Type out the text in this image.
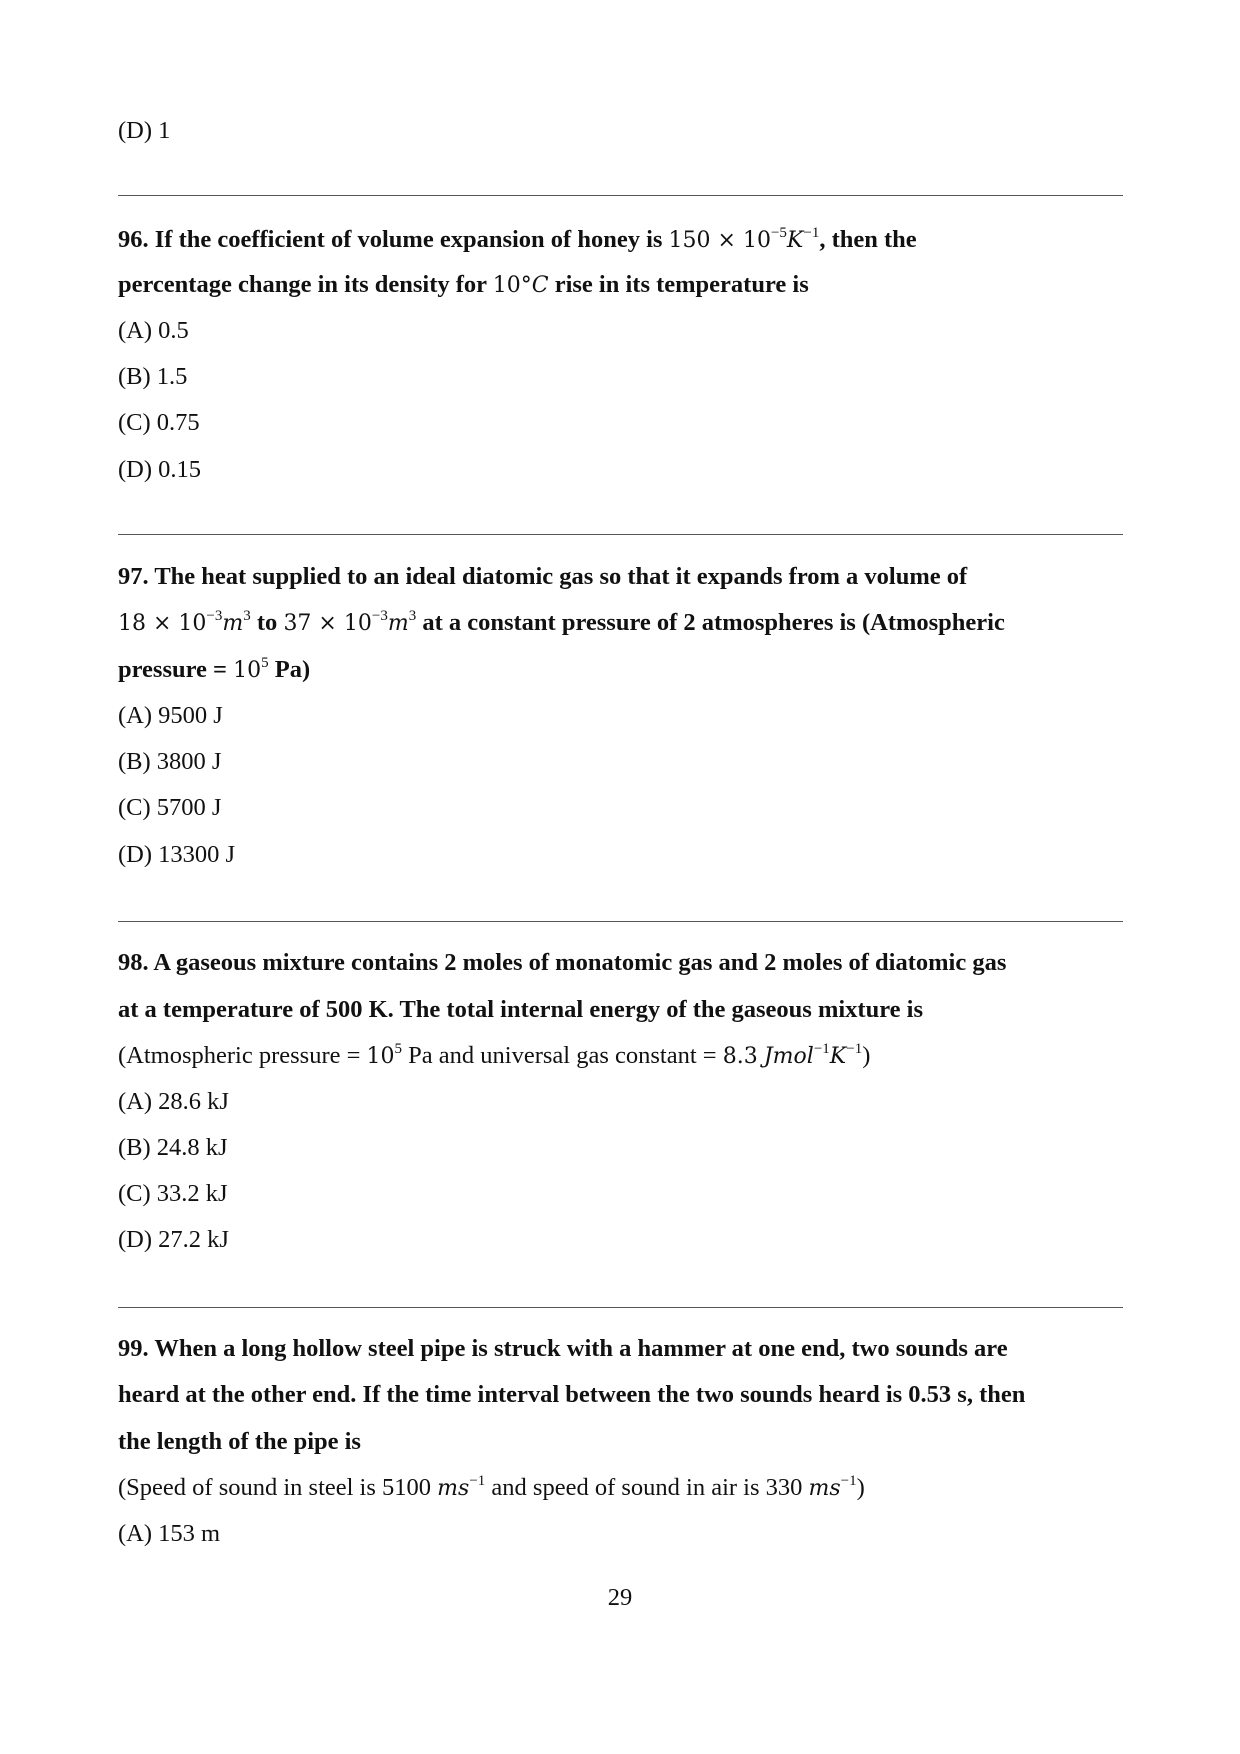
(D) 1
96. If the coefficient of volume expansion of honey is $150 \times 10^{-5}K^{-1}$, then the
percentage change in its density for 10°C rise in its temperature is
(A) 0.5
(B) 1.5
(C) 0.75
(D) 0.15
97. The heat supplied to an ideal diatomic gas so that it expands from a volume of
$18 \times 10^{-3}m^3$ to $37 \times 10^{-3}m^3$ at a constant pressure of 2 atmospheres is (Atmospheric
pressure = $10^5$ Pa)
(A) 9500 J
(B) 3800 J
(C) 5700 J
(D) 13300 J
98. A gaseous mixture contains 2 moles of monatomic gas and 2 moles of diatomic gas
at a temperature of 500 K. The total internal energy of the gaseous mixture is
(Atmospheric pressure = $10^5$ Pa and universal gas constant = 8.3 $Jmol^{-1}K^{-1}$)
(A) 28.6 kJ
(B) 24.8 kJ
(C) 33.2 kJ
(D) 27.2 kJ
99. When a long hollow steel pipe is struck with a hammer at one end, two sounds are
heard at the other end. If the time interval between the two sounds heard is 0.53 s, then
the length of the pipe is
(Speed of sound in steel is 5100 $ms^{-1}$ and speed of sound in air is 330 $ms^{-1}$)
(A) 153 m
29
